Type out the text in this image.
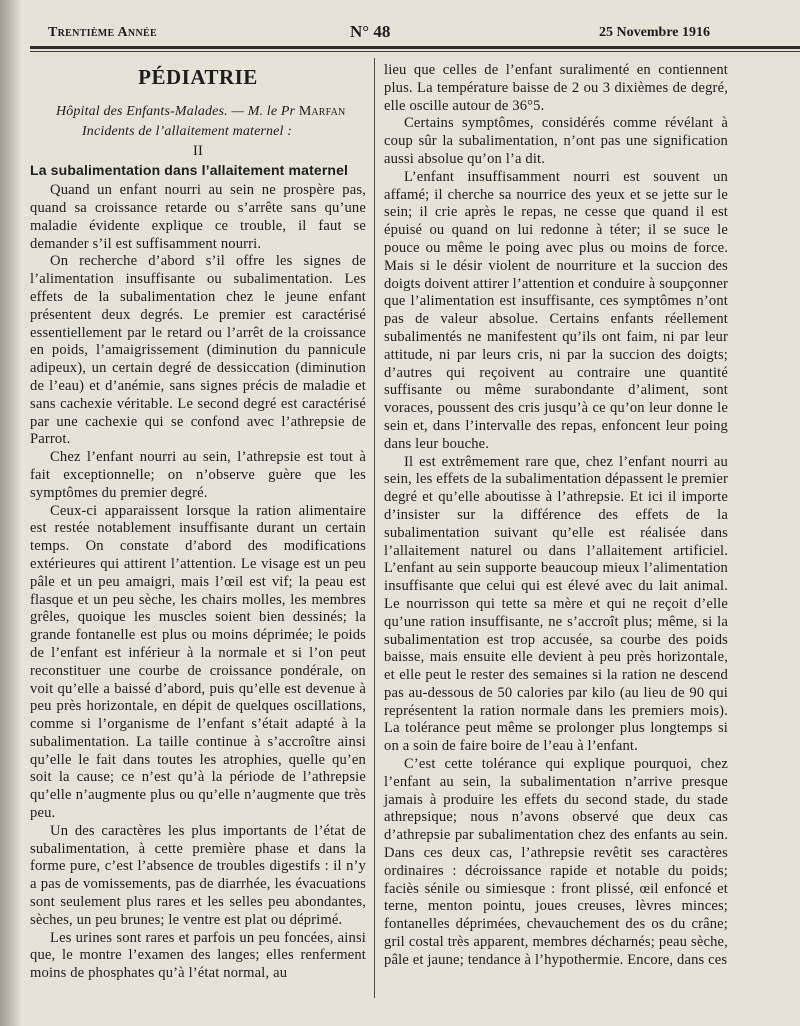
Trentième Année	N° 48	25 Novembre 1916
PÉDIATRIE
Hôpital des Enfants-Malades. — M. le Pr Marfan
Incidents de l’allaitement maternel :
II

La subalimentation dans l’allaitement maternel

Quand un enfant nourri au sein ne prospère pas, quand sa croissance retarde ou s’arrête sans qu’une maladie évidente explique ce trouble, il faut se demander s’il est suffisamment nourri.

On recherche d’abord s’il offre les signes de l’alimentation insuffisante ou subalimentation. Les effets de la subalimentation chez le jeune enfant présentent deux degrés. Le premier est caractérisé essentiellement par le retard ou l’arrêt de la croissance en poids, l’amaigrissement (diminution du pannicule adipeux), un certain degré de dessiccation (diminution de l’eau) et d’anémie, sans signes précis de maladie et sans cachexie véritable. Le second degré est caractérisé par une cachexie qui se confond avec l’athrepsie de Parrot.

Chez l’enfant nourri au sein, l’athrepsie est tout à fait exceptionnelle; on n’observe guère que les symptômes du premier degré.

Ceux-ci apparaissent lorsque la ration alimentaire est restée notablement insuffisante durant un certain temps. On constate d’abord des modifications extérieures qui attirent l’attention. Le visage est un peu pâle et un peu amaigri, mais l’œil est vif; la peau est flasque et un peu sèche, les chairs molles, les membres grêles, quoique les muscles soient bien dessinés; la grande fontanelle est plus ou moins déprimée; le poids de l’enfant est inférieur à la normale et si l’on peut reconstituer une courbe de croissance pondérale, on voit qu’elle a baissé d’abord, puis qu’elle est devenue à peu près horizontale, en dépit de quelques oscillations, comme si l’organisme de l’enfant s’était adapté à la subalimentation. La taille continue à s’accroître ainsi qu’elle le fait dans toutes les atrophies, quelle qu’en soit la cause; ce n’est qu’à la période de l’athrepsie qu’elle n’augmente plus ou qu’elle n’augmente que très peu.

Un des caractères les plus importants de l’état de subalimentation, à cette première phase et dans la forme pure, c’est l’absence de troubles digestifs : il n’y a pas de vomissements, pas de diarrhée, les évacuations sont seulement plus rares et les selles peu abondantes, sèches, un peu brunes; le ventre est plat ou déprimé.

Les urines sont rares et parfois un peu foncées, ainsi que, le montre l’examen des langes; elles renferment moins de phosphates qu’à l’état normal, au

lieu que celles de l’enfant suralimenté en contiennent plus. La température baisse de 2 ou 3 dixièmes de degré, elle oscille autour de 36°5.

Certains symptômes, considérés comme révélant à coup sûr la subalimentation, n’ont pas une signification aussi absolue qu’on l’a dit.

L’enfant insuffisamment nourri est souvent un affamé; il cherche sa nourrice des yeux et se jette sur le sein; il crie après le repas, ne cesse que quand il est épuisé ou quand on lui redonne à téter; il se suce le pouce ou même le poing avec plus ou moins de force. Mais si le désir violent de nourriture et la succion des doigts doivent attirer l’attention et conduire à soupçonner que l’alimentation est insuffisante, ces symptômes n’ont pas de valeur absolue. Certains enfants réellement subalimentés ne manifestent qu’ils ont faim, ni par leur attitude, ni par leurs cris, ni par la succion des doigts; d’autres qui reçoivent au contraire une quantité suffisante ou même surabondante d’aliment, sont voraces, poussent des cris jusqu’à ce qu’on leur donne le sein et, dans l’intervalle des repas, enfoncent leur poing dans leur bouche.

Il est extrêmement rare que, chez l’enfant nourri au sein, les effets de la subalimentation dépassent le premier degré et qu’elle aboutisse à l’athrepsie. Et ici il importe d’insister sur la différence des effets de la subalimentation suivant qu’elle est réalisée dans l’allaitement naturel ou dans l’allaitement artificiel. L’enfant au sein supporte beaucoup mieux l’alimentation insuffisante que celui qui est élevé avec du lait animal. Le nourrisson qui tette sa mère et qui ne reçoit d’elle qu’une ration insuffisante, ne s’accroît plus; même, si la subalimentation est trop accusée, sa courbe des poids baisse, mais ensuite elle devient à peu près horizontale, et elle peut le rester des semaines si la ration ne descend pas au-dessous de 50 calories par kilo (au lieu de 90 qui représentent la ration normale dans les premiers mois). La tolérance peut même se prolonger plus longtemps si on a soin de faire boire de l’eau à l’enfant.

C’est cette tolérance qui explique pourquoi, chez l’enfant au sein, la subalimentation n’arrive presque jamais à produire les effets du second stade, du stade athrepsique; nous n’avons observé que deux cas d’athrepsie par subalimentation chez des enfants au sein. Dans ces deux cas, l’athrepsie revêtit ses caractères ordinaires : décroissance rapide et notable du poids; faciès sénile ou simiesque : front plissé, œil enfoncé et terne, menton pointu, joues creuses, lèvres minces; fontanelles déprimées, chevauchement des os du crâne; gril costal très apparent, membres décharnés; peau sèche, pâle et jaune; tendance à l’hypothermie. Encore, dans ces
